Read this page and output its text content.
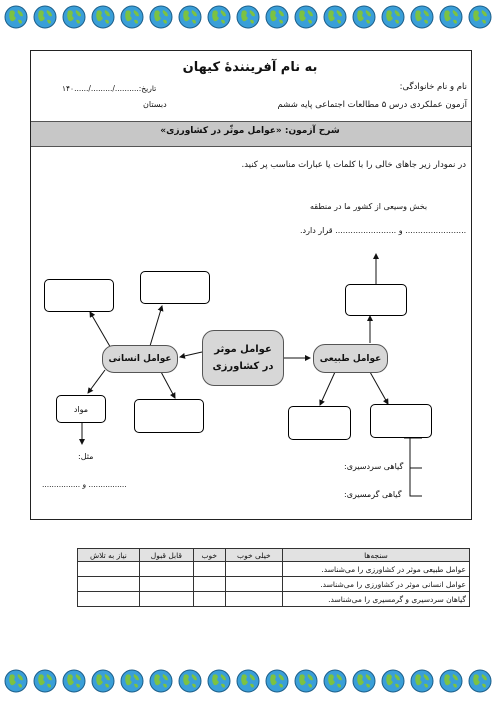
به نام آفرینندهٔ کیهان
نام و نام خانوادگی:
تاریخ:........../........./......۱۴۰
آزمون عملکردی درس ۵ مطالعات اجتماعی پایه ششم
دبستان
شرح آزمون: «عوامل موثّر در کشاورزی»
در نمودار زیر جاهای خالی را با کلمات یا عبارات مناسب پر کنید.
بخش وسیعی از کشور ما در منطقه
........................ و ........................ قرار دارد.
مواد
عوامل موثر
در کشاورزی
عوامل انسانی	عوامل طبیعی
مثل:
................ و ................
گیاهی سردسیری:
گیاهی گرمسیری:
سنجه‌ها	خیلی خوب	خوب	قابل قبول	نیاز به تلاش
عوامل طبیعی موثر در کشاورزی را می‌شناسد.				
عوامل انسانی موثر در کشاورزی را می‌شناسد.				
گیاهان سردسیری و گرمسیری را می‌شناسد.				
